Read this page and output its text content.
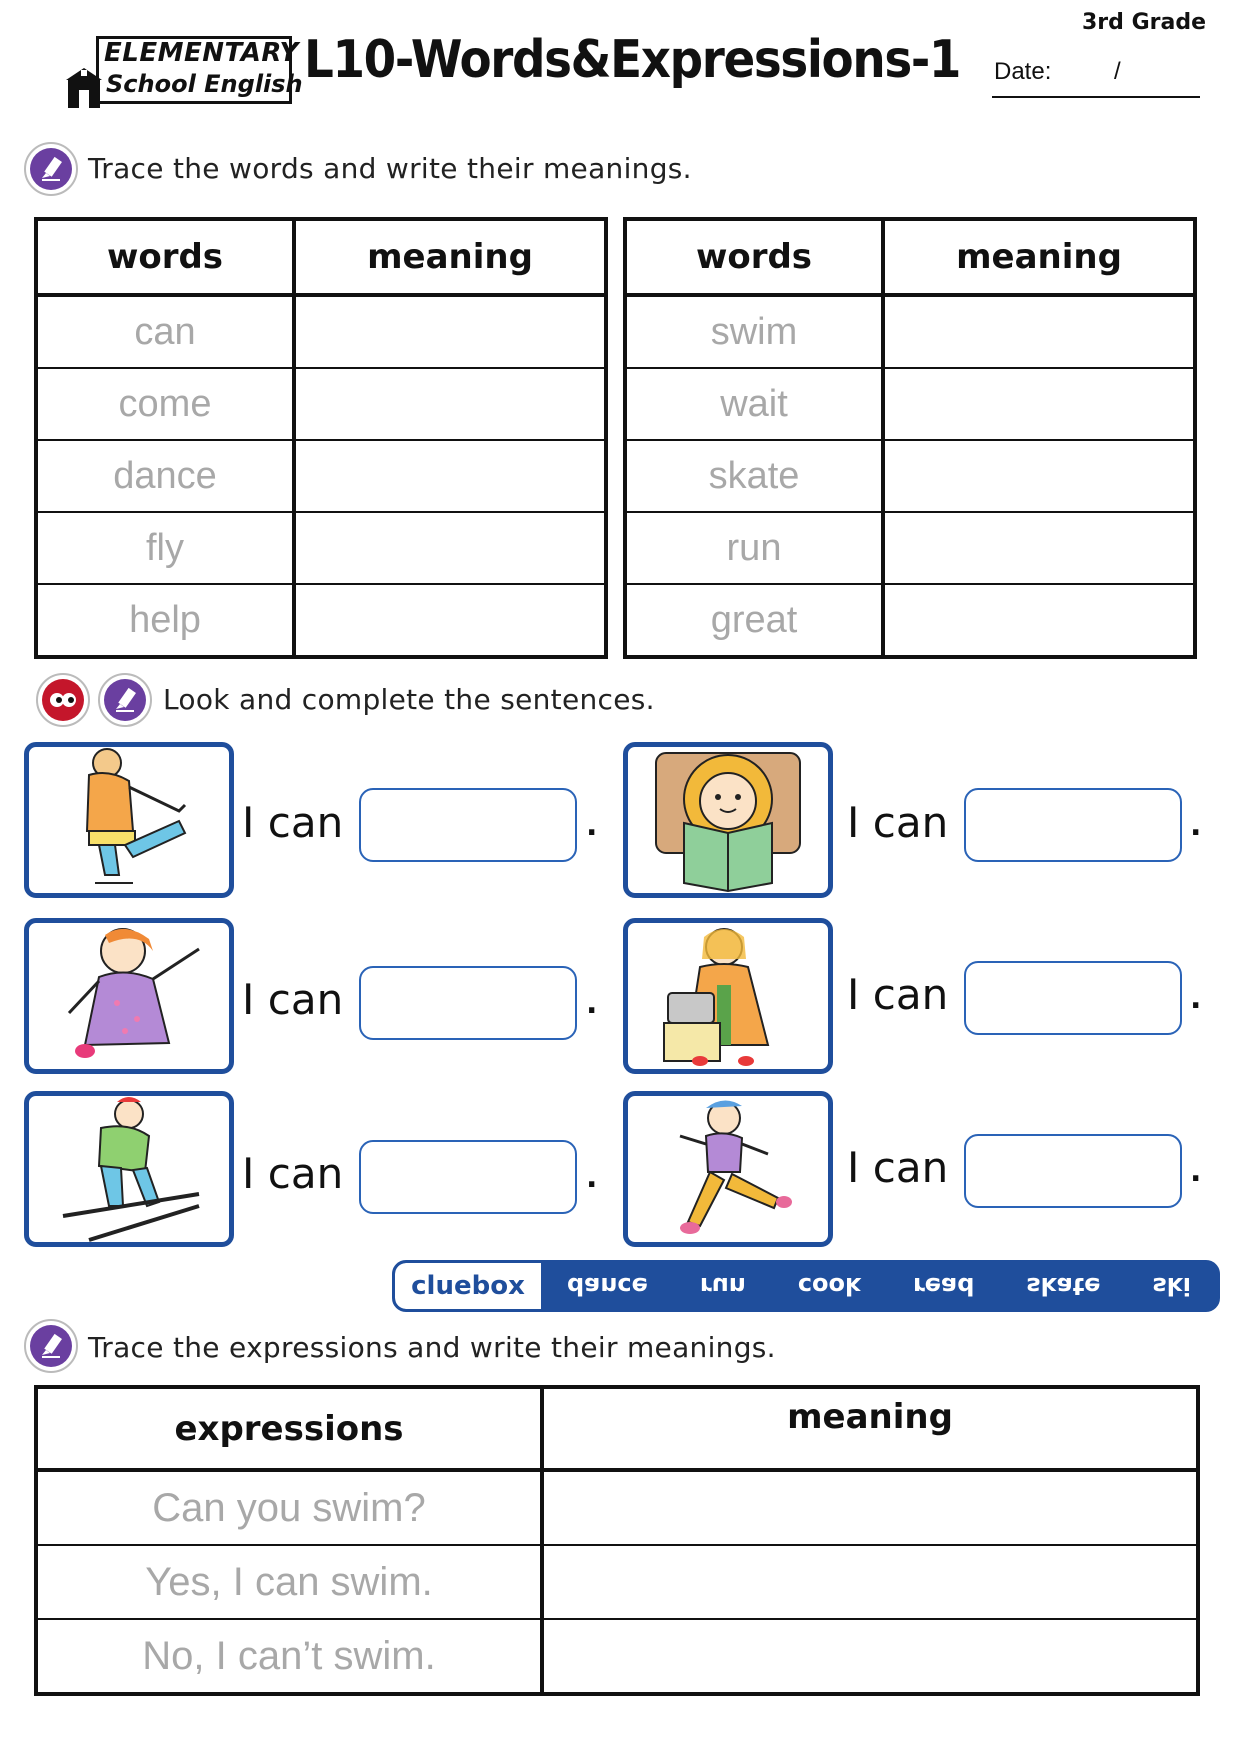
ELEMENTARY
School English L10-Words&Expressions-1
3rd Grade
Date:	/
Trace the words and write their meanings.
words	meaning
can	
come	
dance	
fly	
help	
words	meaning
swim	
wait	
skate	
run	
great	
Look and complete the sentences.
I can	.	I can	.
I can	.	I can	.
I can	.	I can	.
cluebox	dance run cook read skate ski
Trace the expressions and write their meanings.
expressions	meaning
Can you swim?	
Yes, I can swim.	
No, I can’t swim.	
